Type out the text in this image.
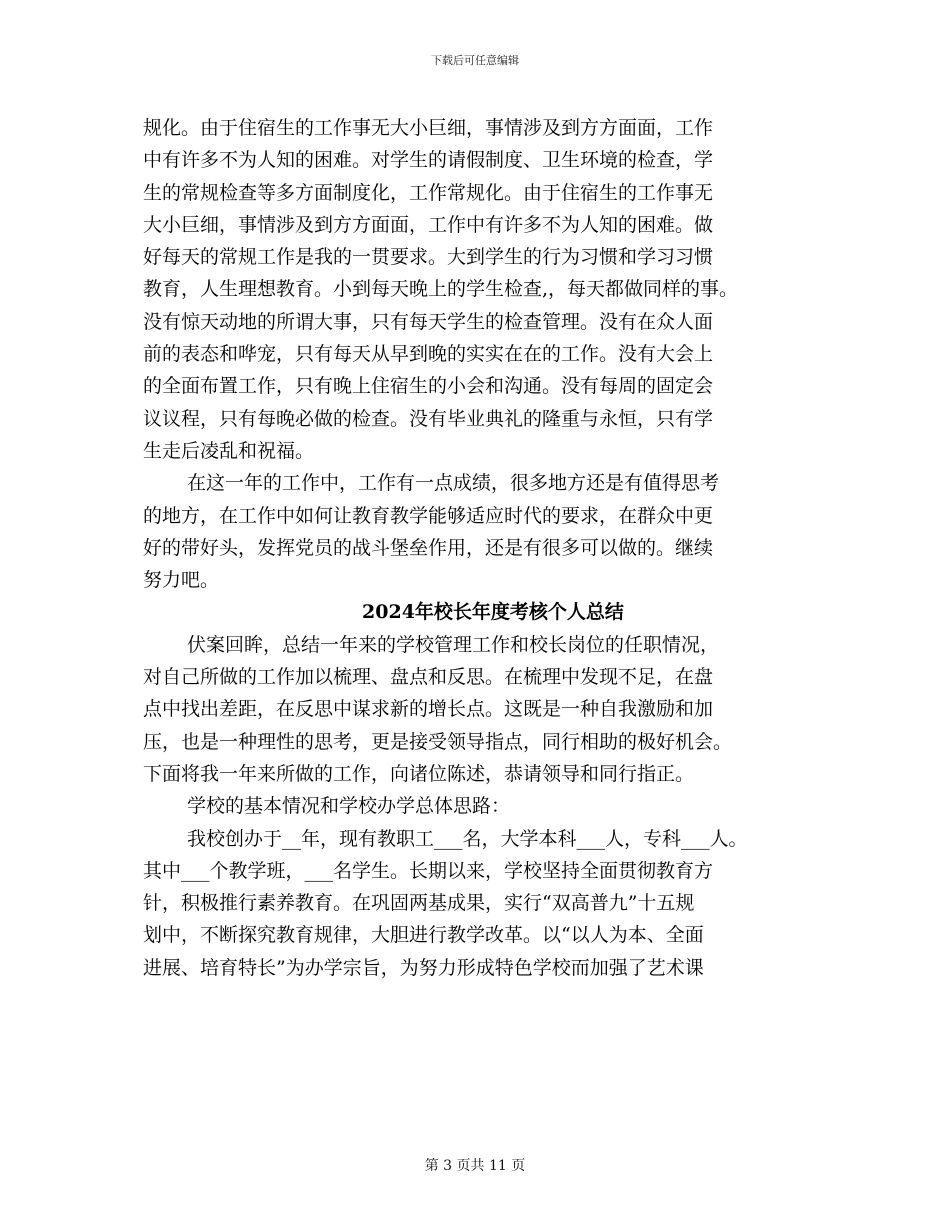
下载后可任意编辑
规化。由于住宿生的工作事无大小巨细，事情涉及到方方面面，工作
中有许多不为人知的困难。对学生的请假制度、卫生环境的检查，学
生的常规检查等多方面制度化，工作常规化。由于住宿生的工作事无
大小巨细，事情涉及到方方面面，工作中有许多不为人知的困难。做
好每天的常规工作是我的一贯要求。大到学生的行为习惯和学习习惯
教育，人生理想教育。小到每天晚上的学生检查,，每天都做同样的事。
没有惊天动地的所谓大事，只有每天学生的检查管理。没有在众人面
前的表态和哗宠，只有每天从早到晚的实实在在的工作。没有大会上
的全面布置工作，只有晚上住宿生的小会和沟通。没有每周的固定会
议议程，只有每晚必做的检查。没有毕业典礼的隆重与永恒，只有学
生走后凌乱和祝福。
在这一年的工作中，工作有一点成绩，很多地方还是有值得思考
的地方，在工作中如何让教育教学能够适应时代的要求，在群众中更
好的带好头，发挥党员的战斗堡垒作用，还是有很多可以做的。继续
努力吧。
2024年校长年度考核个人总结
伏案回眸，总结一年来的学校管理工作和校长岗位的任职情况，
对自己所做的工作加以梳理、盘点和反思。在梳理中发现不足，在盘
点中找出差距，在反思中谋求新的增长点。这既是一种自我激励和加
压，也是一种理性的思考，更是接受领导指点，同行相助的极好机会。
下面将我一年来所做的工作，向诸位陈述，恭请领导和同行指正。
学校的基本情况和学校办学总体思路：
我校创办于__年，现有教职工___名，大学本科___人，专科___人。
其中___个教学班，___名学生。长期以来，学校坚持全面贯彻教育方
针，积极推行素养教育。在巩固两基成果，实行“双高普九”十五规
划中，不断探究教育规律，大胆进行教学改革。以“以人为本、全面
进展、培育特长”为办学宗旨，为努力形成特色学校而加强了艺术课
第 3 页共 11 页
